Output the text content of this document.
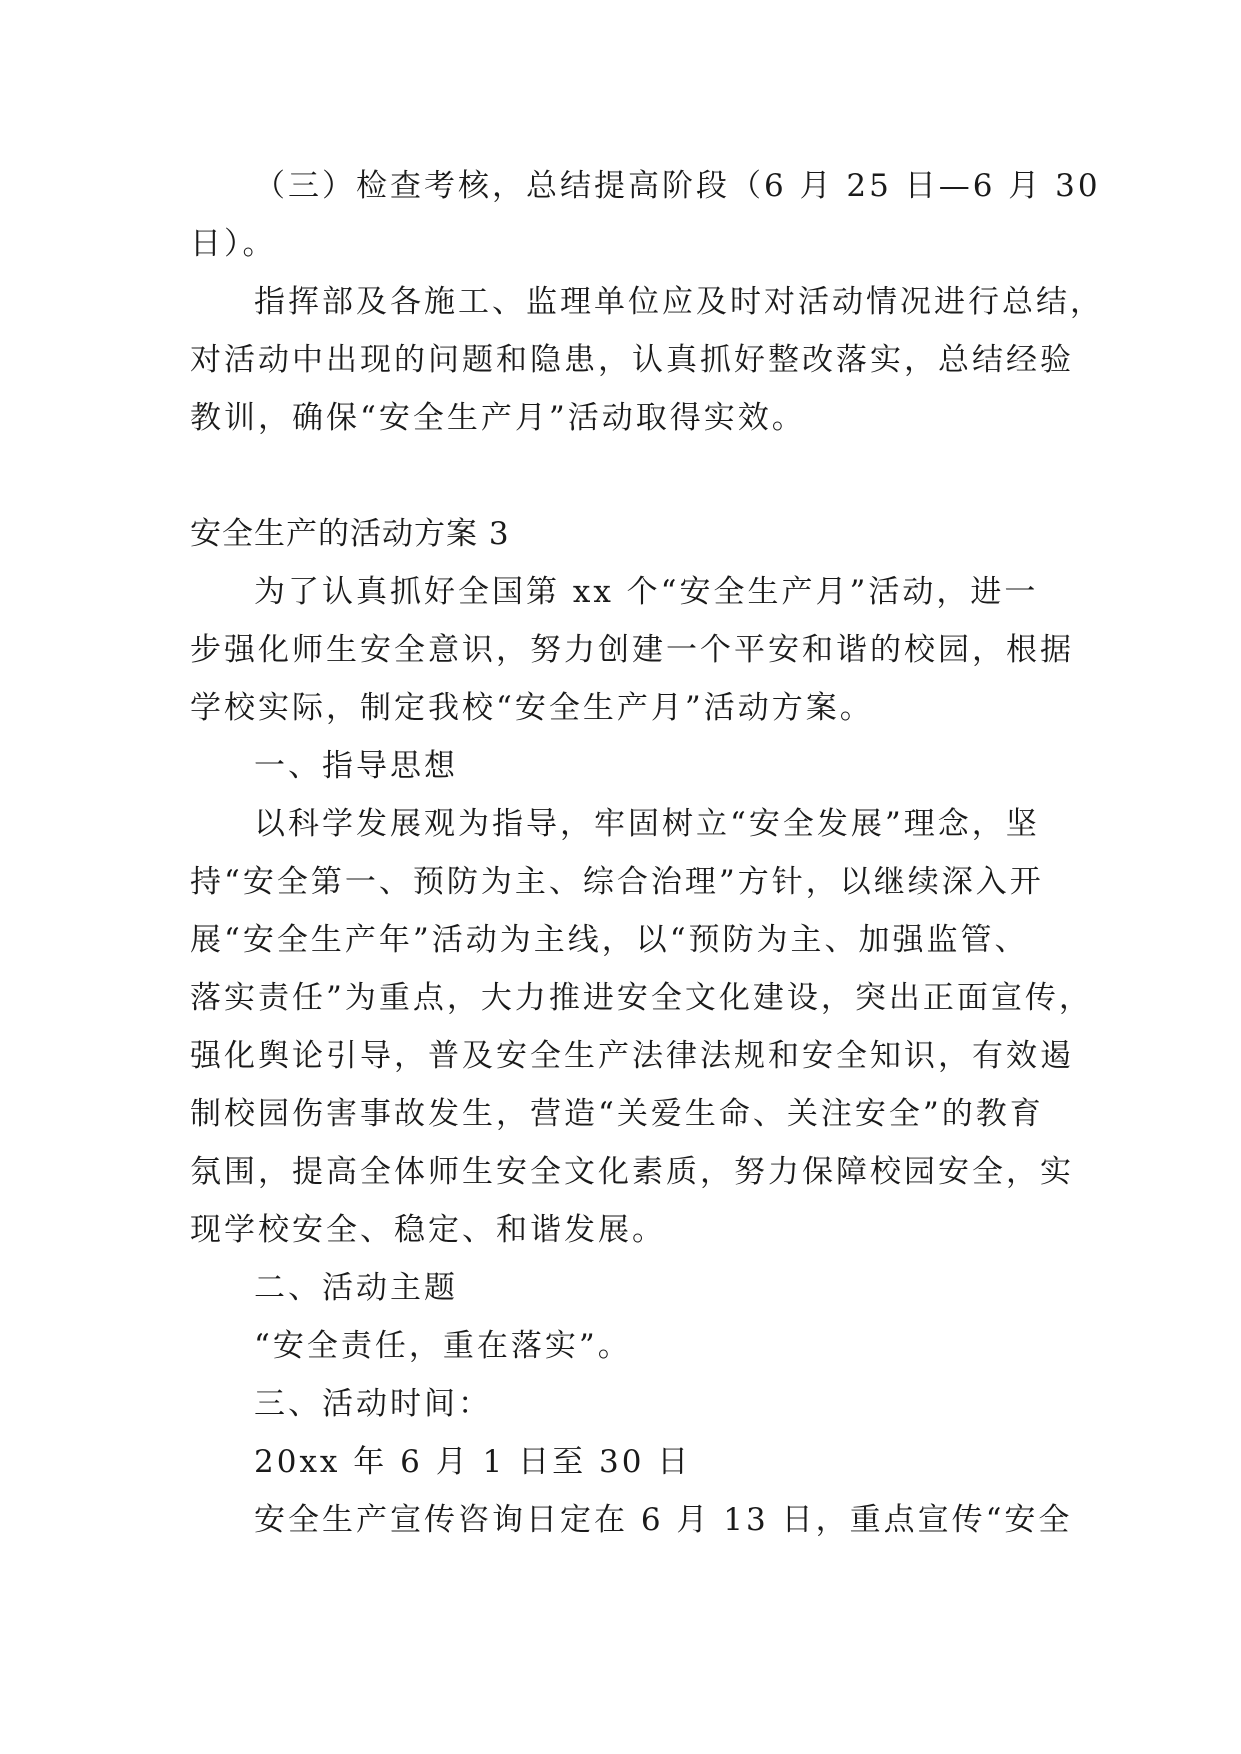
（三）检查考核，总结提高阶段（6 月 25 日—6 月 30

日）。

指挥部及各施工、监理单位应及时对活动情况进行总结，

对活动中出现的问题和隐患，认真抓好整改落实，总结经验

教训，确保“安全生产月”活动取得实效。

安全生产的活动方案 3

为了认真抓好全国第 xx 个“安全生产月”活动，进一

步强化师生安全意识，努力创建一个平安和谐的校园，根据

学校实际，制定我校“安全生产月”活动方案。

一、指导思想

以科学发展观为指导，牢固树立“安全发展”理念，坚

持“安全第一、预防为主、综合治理”方针，以继续深入开

展“安全生产年”活动为主线，以“预防为主、加强监管、

落实责任”为重点，大力推进安全文化建设，突出正面宣传，

强化舆论引导，普及安全生产法律法规和安全知识，有效遏

制校园伤害事故发生，营造“关爱生命、关注安全”的教育

氛围，提高全体师生安全文化素质，努力保障校园安全，实

现学校安全、稳定、和谐发展。

二、活动主题

“安全责任，重在落实”。

三、活动时间：

20xx 年 6 月 1 日至 30 日

安全生产宣传咨询日定在 6 月 13 日，重点宣传“安全
